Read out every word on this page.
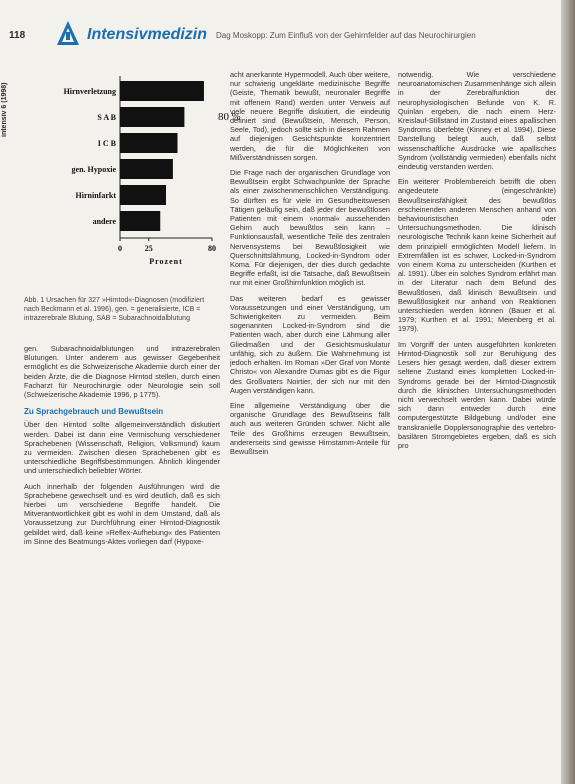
118	Intensivmedizin Dag Moskopp: Zum Einfluß von der Gehirnfelder auf das Neurochirurgien
intensiv 6 (1998)	Hirnverletzung
S A B
I C B
gen. Hypoxie
Hirninfarkt
andere
0	25	80
Prozent
80 %
Abb. 1 Ursachen für 327 »Hirntod«-Diagnosen (modifiziert nach Beckmann et al. 1996), gen. = generalisierte, ICB = intrazerebrale Blutung, SAB = Subarachnoidalblutung

gen. Subarachnoidalblutungen und intrazerebralen Blutungen. Unter anderem aus gewisser Gegebenheit ermöglicht es die Schweizerische Akademie durch einer der beiden Ärzte, die die Diagnose Hirntod stellen, durch einen Facharzt für Neurochirurgie oder Neurologie sein soll (Schweizerische Akademie 1996, p 1775).

Zu Sprachgebrauch und Bewußtsein

Über den Hirntod sollte allgemeinverständlich diskutiert werden. Dabei ist dann eine Vermischung verschiedener Sprachebenen (Wissenschaft, Religion, Volksmund) kaum zu vermeiden. Zwischen diesen Sprachebenen gibt es unterschiedliche Begriffsbestimmungen. Ähnlich klingender und unterschiedlich beliebter Wörter.

Auch innerhalb der folgenden Ausführungen wird die Sprachebene gewechselt und es wird deutlich, daß es sich hierbei um verschiedene Begriffe handelt. Die Mitverantwortlichkeit gibt es wohl in dem Umstand, daß als Voraussetzung zur Durchführung einer Hirntod-Diagnostik gebildet wird, daß keine »Reflex-Aufhebung« des Patienten im Sinne des Beatmungs-Aktes vorliegen darf (Hypoxe-

acht anerkannte Hypermodell. Auch über weitere, nur schwierig ungeklärte medizinische Begriffe (Geiste, Thematik bewußt, neuronaler Begriffe mit offenem Rand) werden unter Verweis auf viele neuere Begriffe diskutiert, die eindeutig definiert sind (Bewußtsein, Mensch, Person, Seele, Tod), jedoch sollte sich in diesem Rahmen auf diejenigen Gesichtspunkte konzentriert werden, die für die Möglichkeiten von Mißverständnissen sorgen.

Die Frage nach der organischen Grundlage von Bewußtsein ergibt Schwachpunkte der Sprache als einer zwischenmenschlichen Verständigung. So dürften es für viele im Gesundheitswesen Tätigen geläufig sein, daß jeder der bewußtlosen Patienten mit einem »normal« aussehenden Gehirn auch bewußtlos sein kann – Funktionsausfall, wesentliche Teile des zentralen Nervensystems bei Bewußtlosigkeit wie Querschnittslähmung, Locked-in-Syndrom oder Koma. Für diejenigen, der dies durch gedachte Begriffe erfaßt, ist die Tatsache, daß Bewußtsein nur mit einer Großhirnfunktion möglich ist.

Das weiteren bedarf es gewisser Voraussetzungen und einer Verständigung, um Schwierigkeiten zu vermeiden. Beim sogenannten Locked-in-Syndrom sind die Patienten wach, aber durch eine Lähmung aller Gliedmaßen und der Gesichtsmuskulatur unfähig, sich zu äußern. Die Wahrnehmung ist jedoch erhalten. Im Roman »Der Graf von Monte Christo« von Alexandre Dumas gibt es die Figur des Großvaters Noirtier, der sich nur mit den Augen verständigen kann.

Eine allgemeine Verständigung über die organische Grundlage des Bewußtseins fällt auch aus weiteren Gründen schwer. Nicht alle Teile des Großhirns erzeugen Bewußtsein, andererseits sind gewisse Hirnstamm-Anteile für Bewußtsein

notwendig. Wie verschiedene neuroanatomischen Zusammenhänge sich allein in der Zerebralfunktion der neurophysiologischen Befunde von K. R. Quinlan ergeben, die nach einem Herz-Kreislauf-Stillstand im Zustand eines apallischen Syndroms überlebte (Kinney et al. 1994). Diese Darstellung belegt auch, daß selbst wissenschaftliche Ausdrücke wie apallisches Syndrom (vollständig vermieden) ebenfalls nicht eindeutig verstanden werden.

Ein weiterer Problembereich betrifft die oben angedeutete (eingeschränkte) Bewußtseinsfähigkeit des bewußtlos erscheinenden anderen Menschen anhand von behaviouristischen oder Untersuchungsmethoden. Die klinisch neurologische Technik kann keine Sicherheit auf dem prinzipiell ermöglichten Modell liefern. In Extremfällen ist es schwer, Locked-in-Syndrom von einem Koma zu unterscheiden (Kurthen et al. 1991). Über ein solches Syndrom erfährt man in der Literatur nach dem Befund des Bewußtlosen, daß klinisch Bewußtsein und Bewußtlosigkeit nur anhand von Reaktionen unterschieden werden können (Bauer et al. 1979; Kurthen et al. 1991; Meienberg et al. 1979).

Im Vorgriff der unten ausgeführten konkreten Hirntod-Diagnostik soll zur Beruhigung des Lesers hier gesagt werden, daß dieser extrem seltene Zustand eines kompletten Locked-in-Syndroms gerade bei der Hirntod-Diagnostik durch die klinischen Untersuchungsmethoden nicht verwechselt werden kann. Dabei würde sich dann entweder durch eine computergestützte Bildgebung und/oder eine transkranielle Dopplersonographie des vertebro-basilären Stromgebietes ergeben, daß es sich pro
